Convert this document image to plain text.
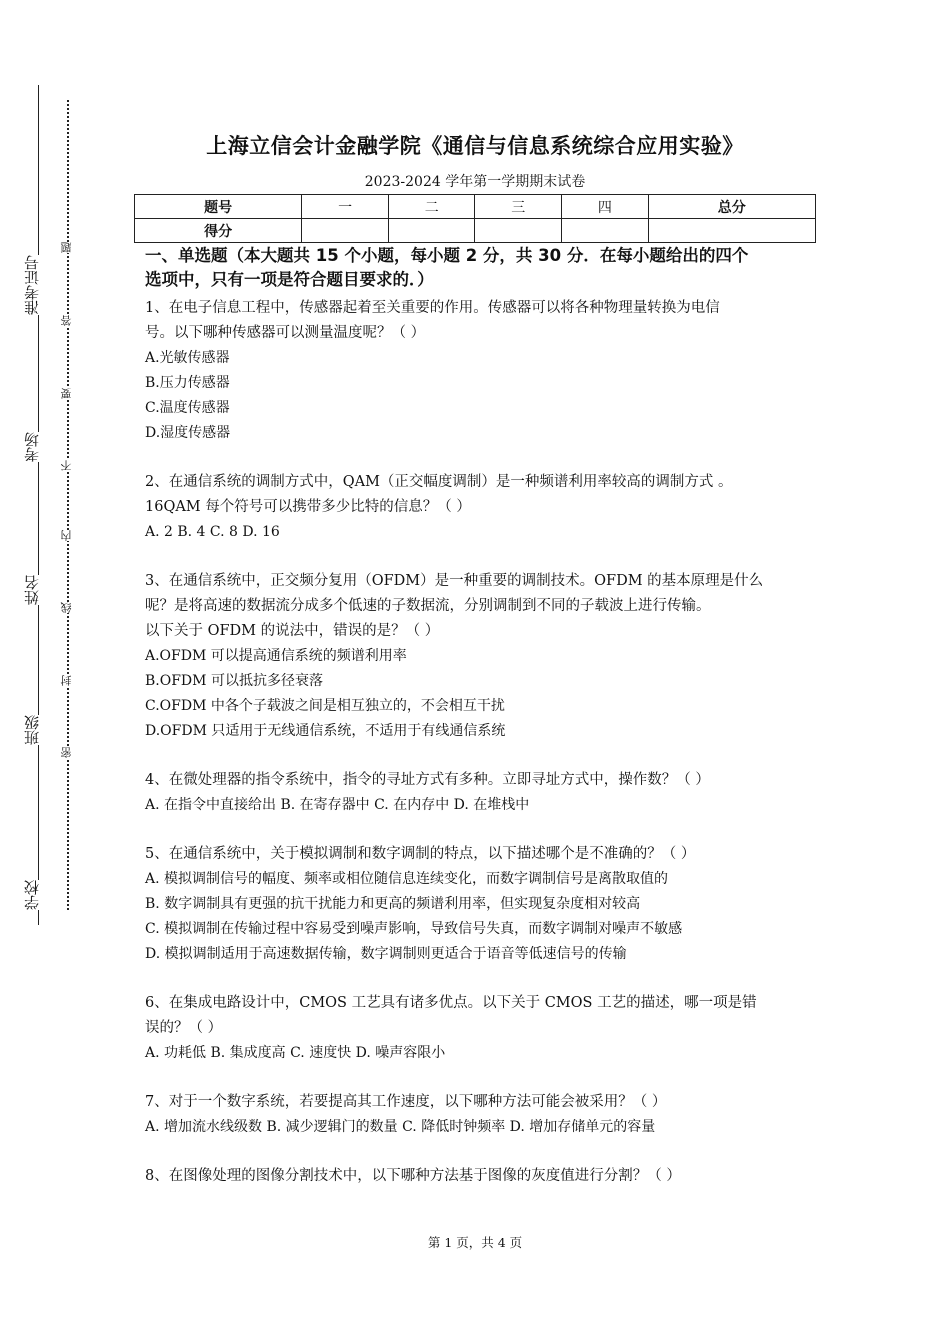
准考证号
考场
姓名
班级
学校
题
答
要
不
内
线
封
密
上海立信会计金融学院《通信与信息系统综合应用实验》
2023-2024 学年第一学期期末试卷
题号	一	二	三	四	总分
得分					

一、单选题（本大题共 15 个小题，每小题 2 分，共 30 分．在每小题给出的四个
选项中，只有一项是符合题目要求的．）

1、在电子信息工程中，传感器起着至关重要的作用。传感器可以将各种物理量转换为电信

号。以下哪种传感器可以测量温度呢？（ ）

A.光敏传感器

B.压力传感器

C.温度传感器

D.湿度传感器

2、在通信系统的调制方式中，QAM（正交幅度调制）是一种频谱利用率较高的调制方式 。

16QAM 每个符号可以携带多少比特的信息？（ ）

A. 2 B. 4 C. 8 D. 16

3、在通信系统中，正交频分复用（OFDM）是一种重要的调制技术。OFDM 的基本原理是什么

呢？是将高速的数据流分成多个低速的子数据流，分别调制到不同的子载波上进行传输。

以下关于 OFDM 的说法中，错误的是？（ ）

A.OFDM 可以提高通信系统的频谱利用率

B.OFDM 可以抵抗多径衰落

C.OFDM 中各个子载波之间是相互独立的，不会相互干扰

D.OFDM 只适用于无线通信系统，不适用于有线通信系统

4、在微处理器的指令系统中，指令的寻址方式有多种。立即寻址方式中，操作数？（ ）

A. 在指令中直接给出 B. 在寄存器中 C. 在内存中 D. 在堆栈中

5、在通信系统中，关于模拟调制和数字调制的特点，以下描述哪个是不准确的？（ ）

A. 模拟调制信号的幅度、频率或相位随信息连续变化，而数字调制信号是离散取值的

B. 数字调制具有更强的抗干扰能力和更高的频谱利用率，但实现复杂度相对较高

C. 模拟调制在传输过程中容易受到噪声影响，导致信号失真，而数字调制对噪声不敏感

D. 模拟调制适用于高速数据传输，数字调制则更适合于语音等低速信号的传输

6、在集成电路设计中，CMOS 工艺具有诸多优点。以下关于 CMOS 工艺的描述，哪一项是错

误的？（ ）

A. 功耗低 B. 集成度高 C. 速度快 D. 噪声容限小

7、对于一个数字系统，若要提高其工作速度，以下哪种方法可能会被采用？（ ）

A. 增加流水线级数 B. 减少逻辑门的数量 C. 降低时钟频率 D. 增加存储单元的容量

8、在图像处理的图像分割技术中，以下哪种方法基于图像的灰度值进行分割？（ ）

第 1 页，共 4 页
